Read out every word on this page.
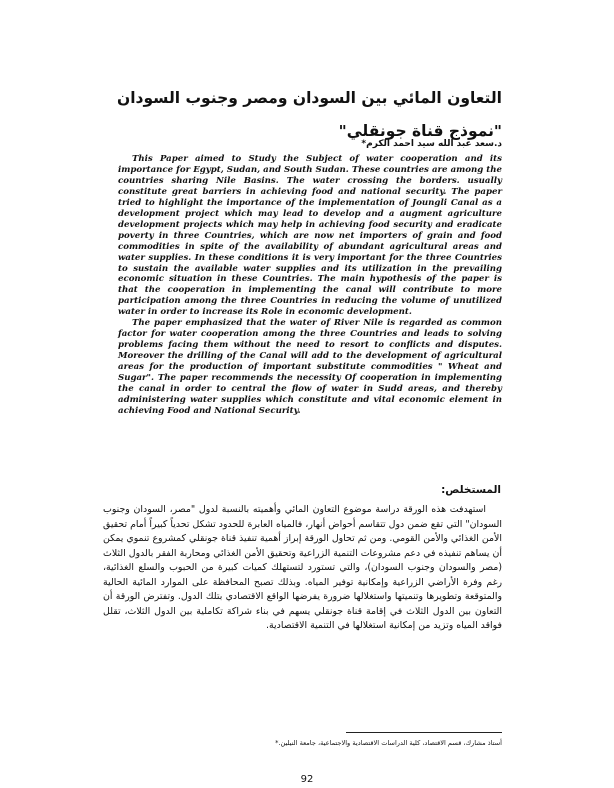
التعاون المائي بين السودان ومصر وجنوب السودان "نموذج قناة جونقلي"
د.سعد عبد الله سيد احمد الكرم*

This Paper aimed to Study the Subject of water cooperation and its importance for Egypt, Sudan, and South Sudan. These countries are among the countries sharing Nile Basins. The water crossing the borders. usually constitute great barriers in achieving food and national security. The paper tried to highlight the importance of the implementation of Joungli Canal as a development project which may lead to develop and a augment agriculture development projects which may help in achieving food security and eradicate poverty in three Countries, which are now net importers of grain and food commodities in spite of the availability of abundant agricultural areas and water supplies. In these conditions it is very important for the three Countries to sustain the available water supplies and its utilization in the prevailing economic situation in these Countries. The main hypothesis of the paper is that the cooperation in implementing the canal will contribute to more participation among the three Countries in reducing the volume of unutilized water in order to increase its Role in economic development.

The paper emphasized that the water of River Nile is regarded as common factor for water cooperation among the three Countries and leads to solving problems facing them without the need to resort to conflicts and disputes. Moreover the drilling of the Canal will add to the development of agricultural areas for the production of important substitute commodities " Wheat and Sugar". The paper recommends the necessity Of cooperation in implementing the canal in order to central the flow of water in Sudd areas, and thereby administering water supplies which constitute and vital economic element in achieving Food and National Security.

المستخلص:

استهدفت هذه الورقة دراسة موضوع التعاون المائي وأهميته بالنسبة لدول "مصر، السودان وجنوب السودان" التي تقع ضمن دول تتقاسم أحواض أنهار، فالمياه العابرة للحدود تشكل تحدياً كبيراً أمام تحقيق الأمن الغذائي والأمن القومي. ومن ثم تحاول الورقة إبراز أهمية تنفيذ قناة جونقلي كمشروع تنموي يمكن أن يساهم تنفيذه في دعم مشروعات التنمية الزراعية وتحقيق الأمن الغذائي ومحاربة الفقر بالدول الثلاث (مصر والسودان وجنوب السودان)، والتي تستورد لتستهلك كميات كبيرة من الحبوب والسلع الغذائية، رغم وفرة الأراضي الزراعية وإمكانية توفير المياه. وبذلك تصبح المحافظة على الموارد المائية الحالية والمتوقعة وتطويرها وتنميتها واستغلالها ضرورة يفرضها الواقع الاقتصادي بتلك الدول. وتفترض الورقة أن التعاون بين الدول الثلاث في إقامة قناة جونقلي يسهم في بناء شراكة تكاملية بين الدول الثلاث، تقلل فواقد المياه وتزيد من إمكانية استغلالها في التنمية الاقتصادية.

أستاذ مشارك، قسم الاقتصاد، كلية الدراسات الاقتصادية والاجتماعية، جامعة النيلين.*
92
